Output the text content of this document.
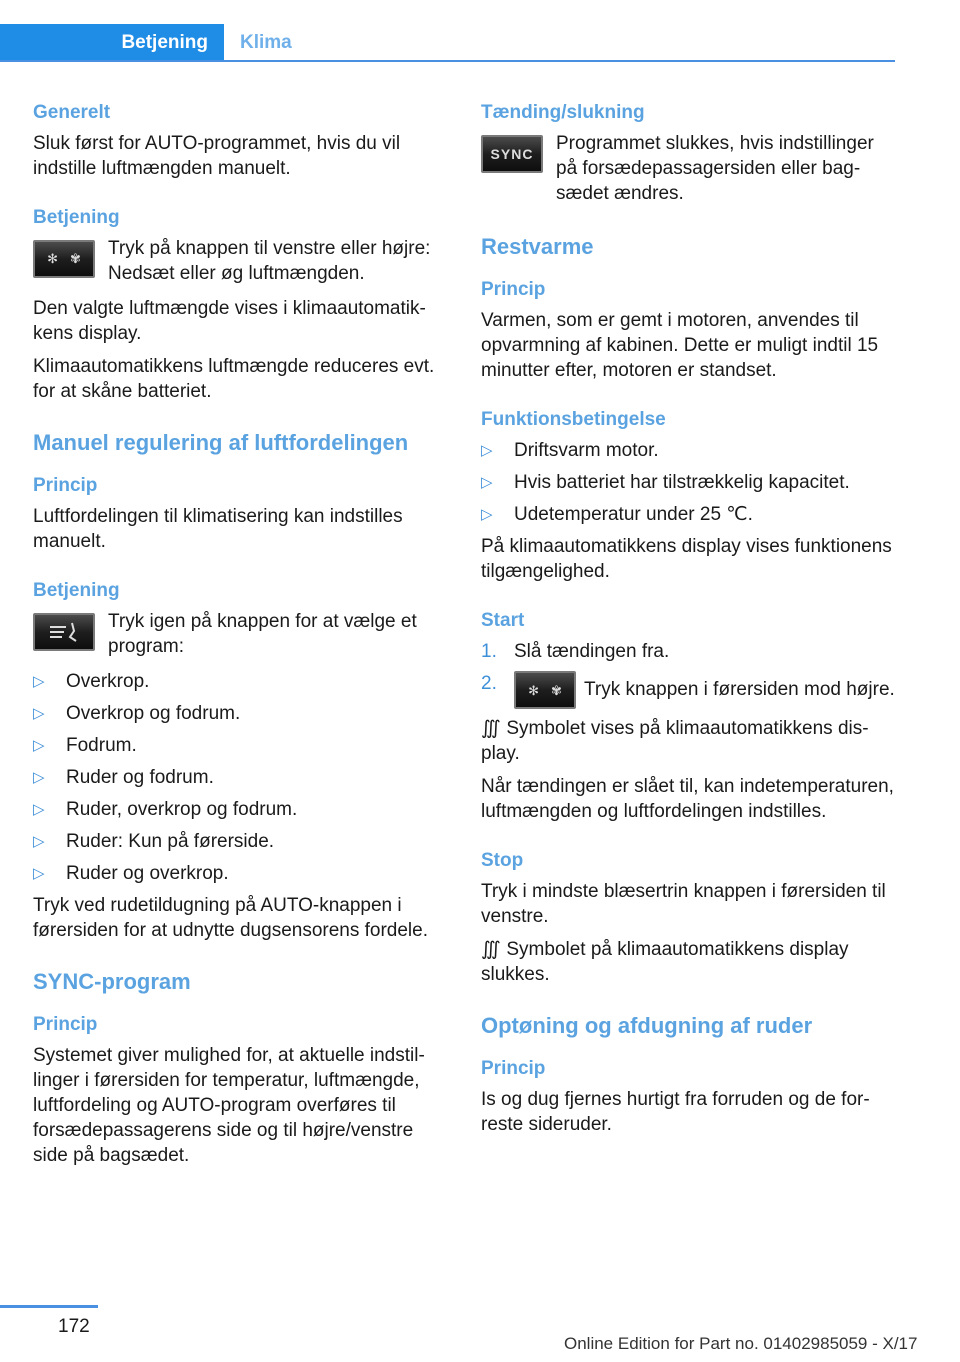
Betjening	Klima
Generelt

Sluk først for AUTO-programmet, hvis du vil indstille luftmængden manuelt.

Betjening
✻ ✾ Tryk på knappen til venstre eller højre: Nedsæt eller øg luftmængden.

Den valgte luftmængde vises i klimaautomatikkens display.

Klimaautomatikkens luftmængde reduceres evt. for at skåne batteriet.

Manuel regulering af luftfordelingen
Princip

Luftfordelingen til klimatisering kan indstilles manuelt.

Betjening

Tryk igen på knappen for at vælge et program:

▷ Overkrop.
▷ Overkrop og fodrum.
▷ Fodrum.
▷ Ruder og fodrum.
▷ Ruder, overkrop og fodrum.
▷ Ruder: Kun på førerside.
▷ Ruder og overkrop.

Tryk ved rudetildugning på AUTO-knappen i førersiden for at udnytte dugsensorens fordele.

SYNC-program
Princip

Systemet giver mulighed for, at aktuelle indstillinger i førersiden for temperatur, luftmængde, luftfordeling og AUTO-program overføres til forsædepassagerens side og til højre/venstre side på bagsædet.

Tænding/slukning
SYNC Programmet slukkes, hvis indstillinger på forsædepassagersiden eller bagsædet ændres.

Restvarme
Princip

Varmen, som er gemt i motoren, anvendes til opvarmning af kabinen. Dette er muligt indtil 15 minutter efter, motoren er standset.

Funktionsbetingelse
▷ Driftsvarm motor.
▷ Hvis batteriet har tilstrækkelig kapacitet.
▷ Udetemperatur under 25 ℃.

På klimaautomatikkens display vises funktionens tilgængelighed.

Start
1. Slå tændingen fra.
2. ✻ ✾ Tryk knappen i førersiden mod højre.

∭ Symbolet vises på klimaautomatikkens display.

Når tændingen er slået til, kan indetemperaturen, luftmængden og luftfordelingen indstilles.

Stop

Tryk i mindste blæsertrin knappen i førersiden til venstre.

∭ Symbolet på klimaautomatikkens display slukkes.

Optøning og afdugning af ruder
Princip

Is og dug fjernes hurtigt fra forruden og de forreste sideruder.

172
Online Edition for Part no. 01402985059 - X/17
